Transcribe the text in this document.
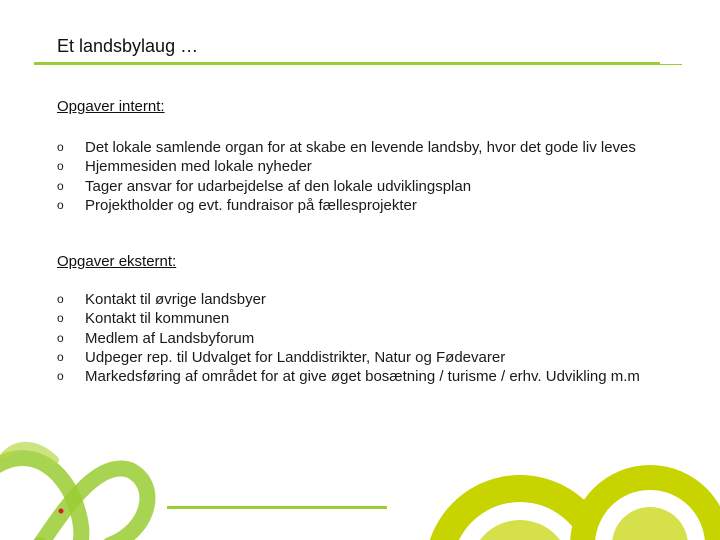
Et landsbylaug …
Opgaver internt:
o Det lokale samlende organ for at skabe en levende landsby, hvor det gode liv leves
o Hjemmesiden med lokale nyheder
o Tager ansvar for udarbejdelse af den lokale udviklingsplan
o Projektholder og evt. fundraisor på fællesprojekter
Opgaver eksternt:
o Kontakt til øvrige landsbyer
o Kontakt til kommunen
o Medlem af Landsbyforum
o Udpeger rep. til Udvalget for Landdistrikter, Natur og Fødevarer
o Markedsføring af området for at give øget bosætning / turisme / erhv. Udvikling m.m
